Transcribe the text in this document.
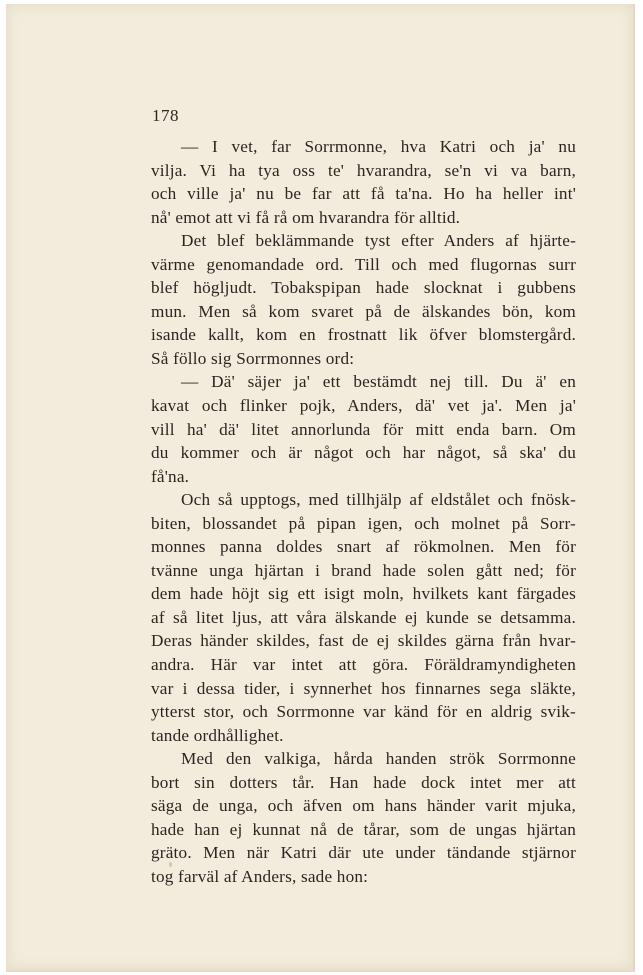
178
— I vet, far Sorrmonne, hva Katri och ja' nu
vilja. Vi ha tya oss te' hvarandra, se'n vi va barn,
och ville ja' nu be far att få ta'na. Ho ha heller int'
nå' emot att vi få rå om hvarandra för alltid.
Det blef beklämmande tyst efter Anders af hjärte-
värme genomandade ord. Till och med flugornas surr
blef högljudt. Tobakspipan hade slocknat i gubbens
mun. Men så kom svaret på de älskandes bön, kom
isande kallt, kom en frostnatt lik öfver blomstergård.
Så föllo sig Sorrmonnes ord:
— Dä' säjer ja' ett bestämdt nej till. Du ä' en
kavat och flinker pojk, Anders, dä' vet ja'. Men ja'
vill ha' dä' litet annorlunda för mitt enda barn. Om
du kommer och är något och har något, så ska' du
få'na.
Och så upptogs, med tillhjälp af eldstålet och fnösk-
biten, blossandet på pipan igen, och molnet på Sorr-
monnes panna doldes snart af rökmolnen. Men för
tvänne unga hjärtan i brand hade solen gått ned; för
dem hade höjt sig ett isigt moln, hvilkets kant färgades
af så litet ljus, att våra älskande ej kunde se detsamma.
Deras händer skildes, fast de ej skildes gärna från hvar-
andra. Här var intet att göra. Föräldramyndigheten
var i dessa tider, i synnerhet hos finnarnes sega släkte,
ytterst stor, och Sorrmonne var känd för en aldrig svik-
tande ordhållighet.
Med den valkiga, hårda handen strök Sorrmonne
bort sin dotters tår. Han hade dock intet mer att
säga de unga, och äfven om hans händer varit mjuka,
hade han ej kunnat nå de tårar, som de ungas hjärtan
gräto. Men när Katri där ute under tändande stjärnor
tog farväl af Anders, sade hon:
